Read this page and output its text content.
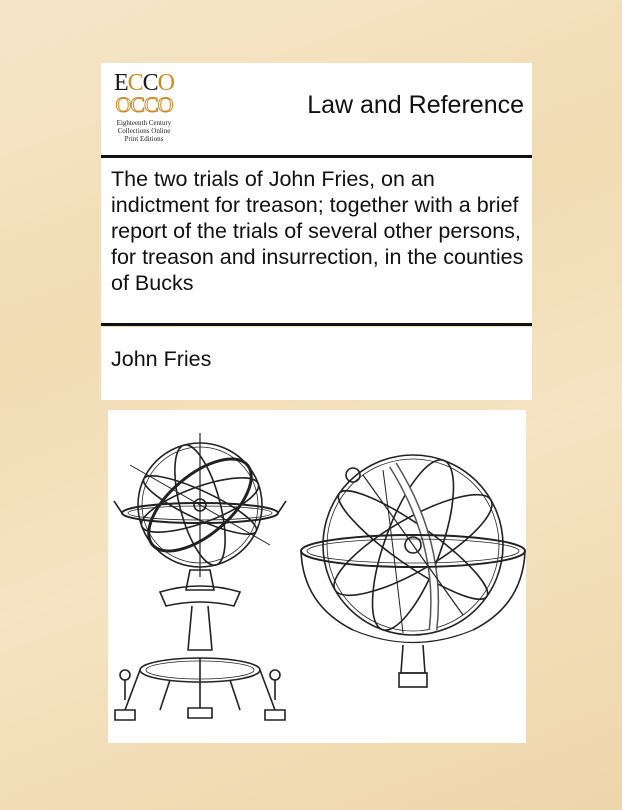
ECCO
OCCO
Eighteenth Century
Collections Online
Print Editions
Law and Reference
The two trials of John Fries, on an indictment for treason; together with a brief report of the trials of several other persons, for treason and insurrection, in the counties of Bucks
John Fries
